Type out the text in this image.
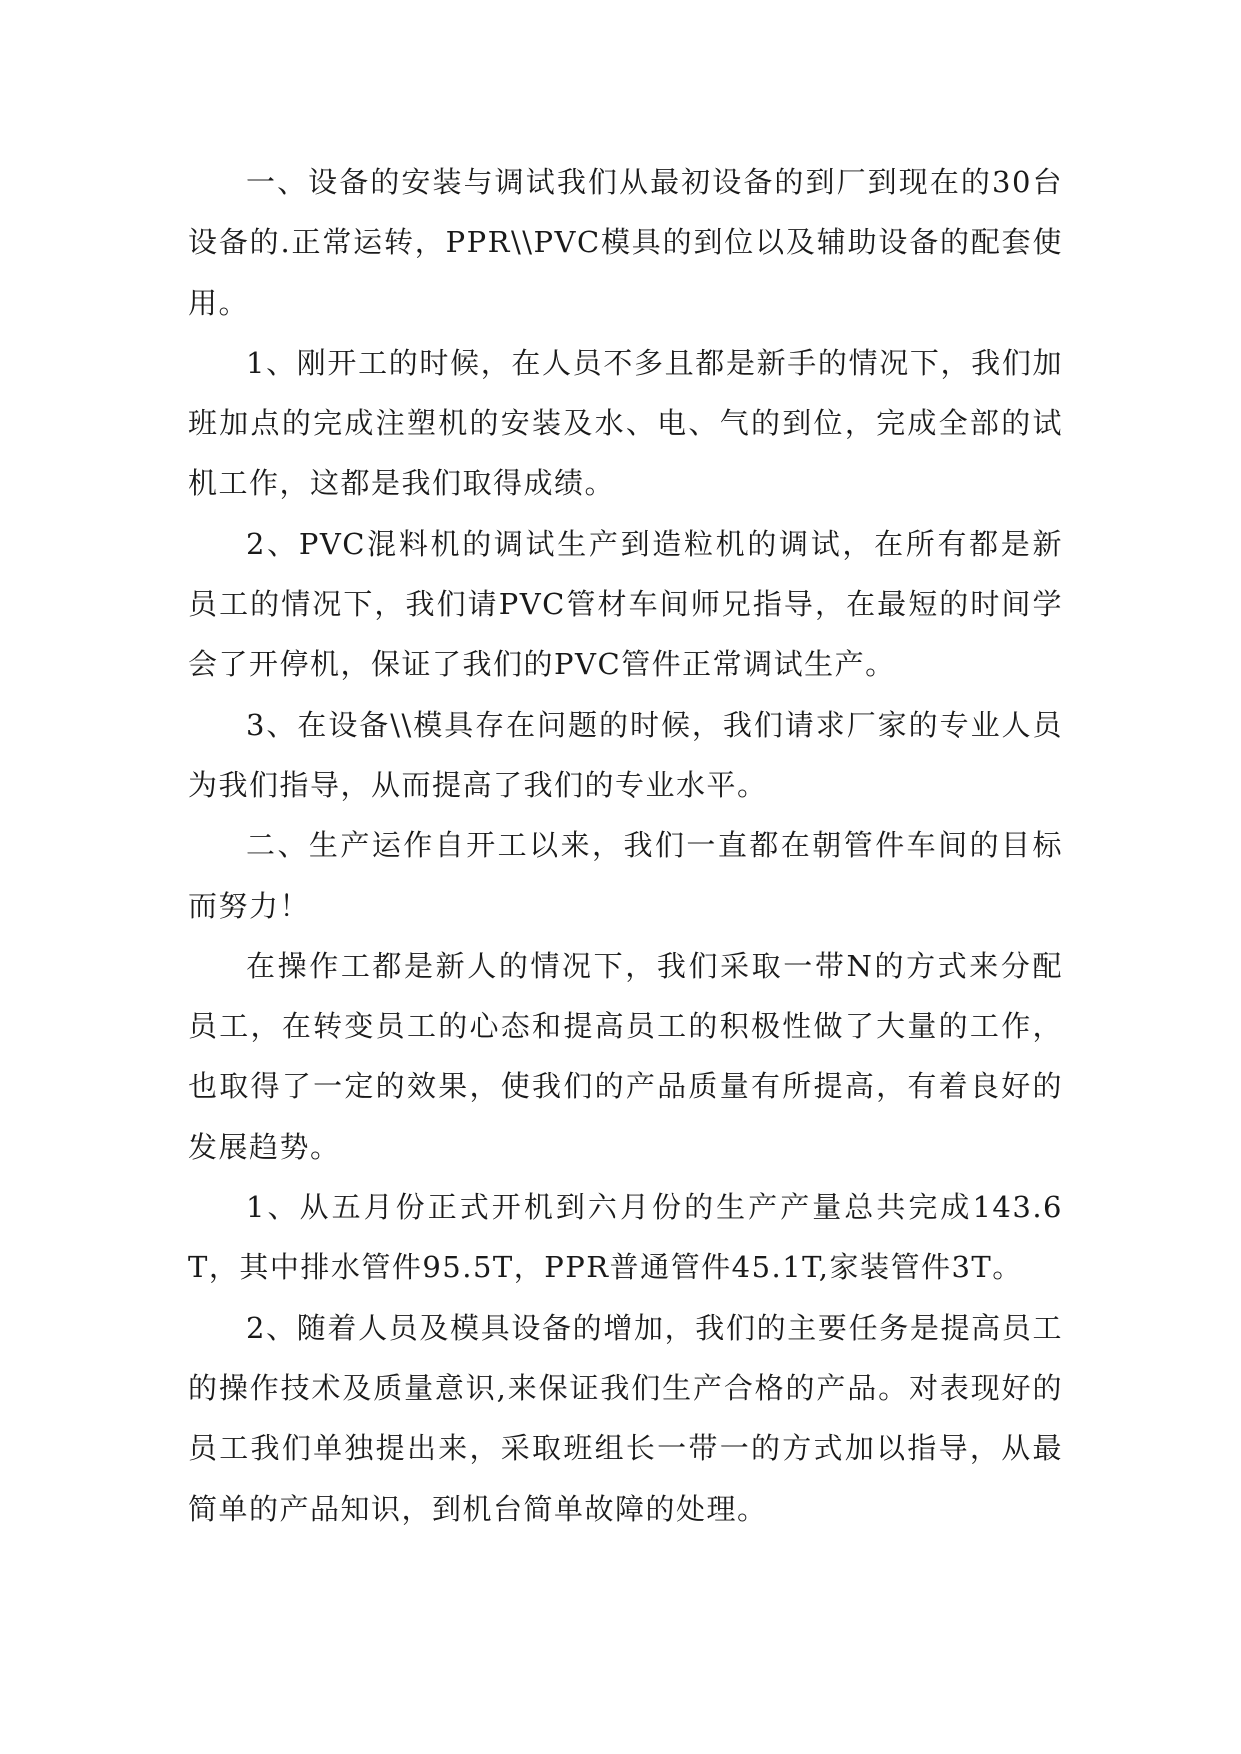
一、设备的安装与调试我们从最初设备的到厂到现在的30台设备的.正常运转，PPR\\PVC模具的到位以及辅助设备的配套使用。

1、刚开工的时候，在人员不多且都是新手的情况下，我们加班加点的完成注塑机的安装及水、电、气的到位，完成全部的试机工作，这都是我们取得成绩。

2、PVC混料机的调试生产到造粒机的调试，在所有都是新员工的情况下，我们请PVC管材车间师兄指导，在最短的时间学会了开停机，保证了我们的PVC管件正常调试生产。

3、在设备\\模具存在问题的时候，我们请求厂家的专业人员为我们指导，从而提高了我们的专业水平。

二、生产运作自开工以来，我们一直都在朝管件车间的目标而努力！

在操作工都是新人的情况下，我们采取一带N的方式来分配员工，在转变员工的心态和提高员工的积极性做了大量的工作，也取得了一定的效果，使我们的产品质量有所提高，有着良好的发展趋势。

1、从五月份正式开机到六月份的生产产量总共完成143.6T，其中排水管件95.5T，PPR普通管件45.1T,家装管件3T。

2、随着人员及模具设备的增加，我们的主要任务是提高员工的操作技术及质量意识,来保证我们生产合格的产品。对表现好的员工我们单独提出来，采取班组长一带一的方式加以指导，从最简单的产品知识，到机台简单故障的处理。
